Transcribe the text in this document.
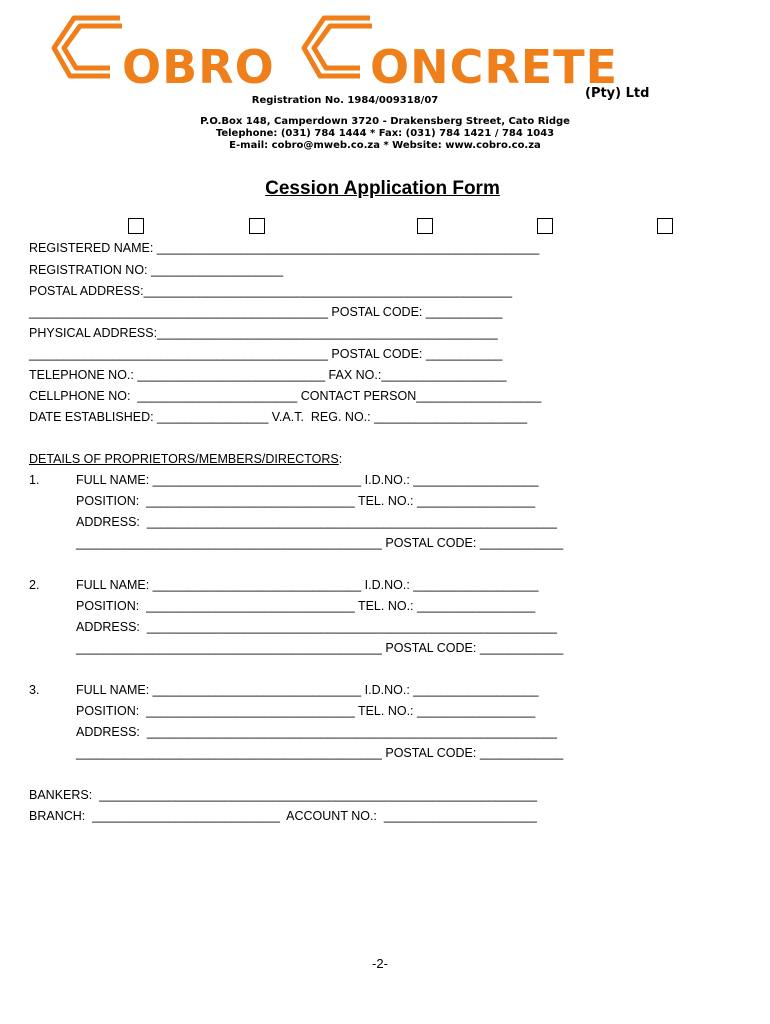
OBRO ONCRETE
(Pty) Ltd
Registration No. 1984/009318/07
P.O.Box 148, Camperdown 3720 - Drakensberg Street, Cato Ridge
Telephone: (031) 784 1444 * Fax: (031) 784 1421 / 784 1043
E-mail: cobro@mweb.co.za * Website: www.cobro.co.za
Cession Application Form
REGISTERED NAME: _______________________________________________________
REGISTRATION NO: ___________________
POSTAL ADDRESS:_____________________________________________________
___________________________________________ POSTAL CODE: ___________
PHYSICAL ADDRESS:_________________________________________________
___________________________________________ POSTAL CODE: ___________
TELEPHONE NO.: ___________________________ FAX NO.:__________________
CELLPHONE NO:  _______________________ CONTACT PERSON__________________
DATE ESTABLISHED: ________________ V.A.T.  REG. NO.: ______________________
DETAILS OF PROPRIETORS/MEMBERS/DIRECTORS:
1.	FULL NAME: ______________________________ I.D.NO.: __________________
POSITION:  ______________________________ TEL. NO.: _________________
ADDRESS:  ___________________________________________________________
____________________________________________ POSTAL CODE: ____________
2.	FULL NAME: ______________________________ I.D.NO.: __________________
POSITION:  ______________________________ TEL. NO.: _________________
ADDRESS:  ___________________________________________________________
____________________________________________ POSTAL CODE: ____________
3.	FULL NAME: ______________________________ I.D.NO.: __________________
POSITION:  ______________________________ TEL. NO.: _________________
ADDRESS:  ___________________________________________________________
____________________________________________ POSTAL CODE: ____________
BANKERS:  _______________________________________________________________
BRANCH:  ___________________________  ACCOUNT NO.:  ______________________
-2-
